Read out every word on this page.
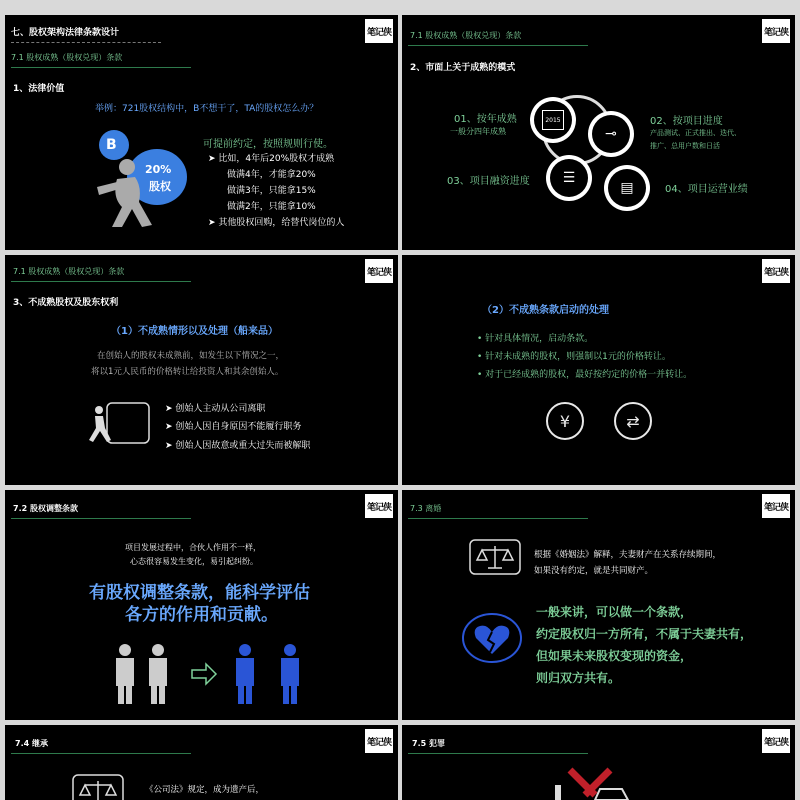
七、股权架构法律条款设计	笔记侠
7.1 股权成熟（股权兑现）条款
1、法律价值
举例：721股权结构中，B不想干了，TA的股权怎么办？
B
20%
股权
可提前约定，按照规则行使。
➤ 比如，4年后20%股权才成熟
做满4年，才能拿20%
做满3年，只能拿15%
做满2年，只能拿10%
➤ 其他股权回购，给替代岗位的人
笔记侠
7.1 股权成熟（股权兑现）条款
2、市面上关于成熟的模式
2015
⊸
☰
▤
01、按年成熟
一般分四年成熟
02、按项目进度
产品测试、正式推出、迭代、
推广、总用户数和日活
03、项目融资进度
04、项目运营业绩
笔记侠
7.1 股权成熟（股权兑现）条款
3、不成熟股权及股东权利
（1）不成熟情形以及处理（船来品）
在创始人的股权未成熟前，如发生以下情况之一，
将以1元人民币的价格转让给投资人和其余创始人。
➤ 创始人主动从公司离职
➤ 创始人因自身原因不能履行职务
➤ 创始人因故意或重大过失而被解职
笔记侠
（2）不成熟条款启动的处理
• 针对具体情况，启动条款。
• 针对未成熟的股权，则强制以1元的价格转让。
• 对于已经成熟的股权，最好按约定的价格一并转让。
¥	⇄
笔记侠
7.2 股权调整条款
项目发展过程中，合伙人作用不一样，
心态很容易发生变化，易引起纠纷。
有股权调整条款，能科学评估
各方的作用和贡献。
笔记侠
7.3 离婚
根据《婚姻法》解释，夫妻财产在关系存续期间，
如果没有约定，就是共同财产。
一般来讲，可以做一个条款，
约定股权归一方所有，不属于夫妻共有，
但如果未来股权变现的资金，
则归双方共有。
笔记侠
7.4 继承
《公司法》规定，成为遗产后，
笔记侠
7.5 犯罪
